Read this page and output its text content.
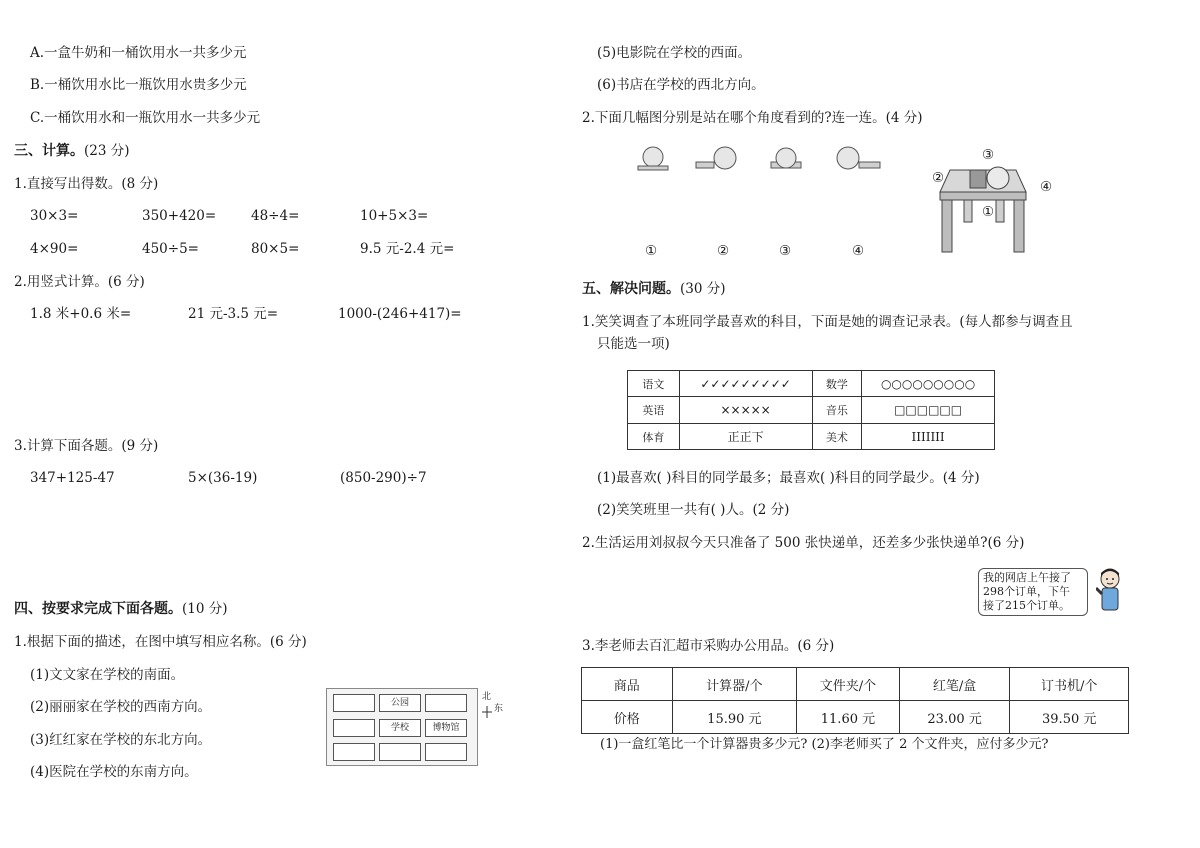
A.一盒牛奶和一桶饮用水一共多少元
B.一桶饮用水比一瓶饮用水贵多少元
C.一桶饮用水和一瓶饮用水一共多少元
三、计算。(23 分)
1.直接写出得数。(8 分)
30×3=	350+420=	48÷4=	10+5×3=
4×90=	450÷5=	80×5=	9.5 元-2.4 元=
2.用竖式计算。(6 分)
1.8 米+0.6 米=	21 元-3.5 元=	1000-(246+417)=
3.计算下面各题。(9 分)
347+125-47	5×(36-19)	(850-290)÷7
四、按要求完成下面各题。(10 分)
1.根据下面的描述，在图中填写相应名称。(6 分)
(1)文文家在学校的南面。
(2)丽丽家在学校的西南方向。
(3)红红家在学校的东北方向。
(4)医院在学校的东南方向。
公园
学校	博物馆
北
东
(5)电影院在学校的西面。
(6)书店在学校的西北方向。
2.下面几幅图分别是站在哪个角度看到的?连一连。(4 分)
①	②	③	④
③
②
④
①
五、解决问题。(30 分)
1.笑笑调查了本班同学最喜欢的科目，下面是她的调查记录表。(每人都参与调查且
只能选一项)
语文	✓✓✓✓✓✓✓✓✓	数学	○○○○○○○○○
英语	×××××	音乐	□□□□□□
体育	正正下	美术	IIIIIII
(1)最喜欢( )科目的同学最多；最喜欢( )科目的同学最少。(4 分)
(2)笑笑班里一共有( )人。(2 分)
2.生活运用刘叔叔今天只准备了 500 张快递单，还差多少张快递单?(6 分)
我的网店上午接了
298个订单，下午
接了215个订单。
3.李老师去百汇超市采购办公用品。(6 分)
商品	计算器/个	文件夹/个	红笔/盒	订书机/个
价格	15.90 元	11.60 元	23.00 元	39.50 元
(1)一盒红笔比一个计算器贵多少元? (2)李老师买了 2 个文件夹，应付多少元?
